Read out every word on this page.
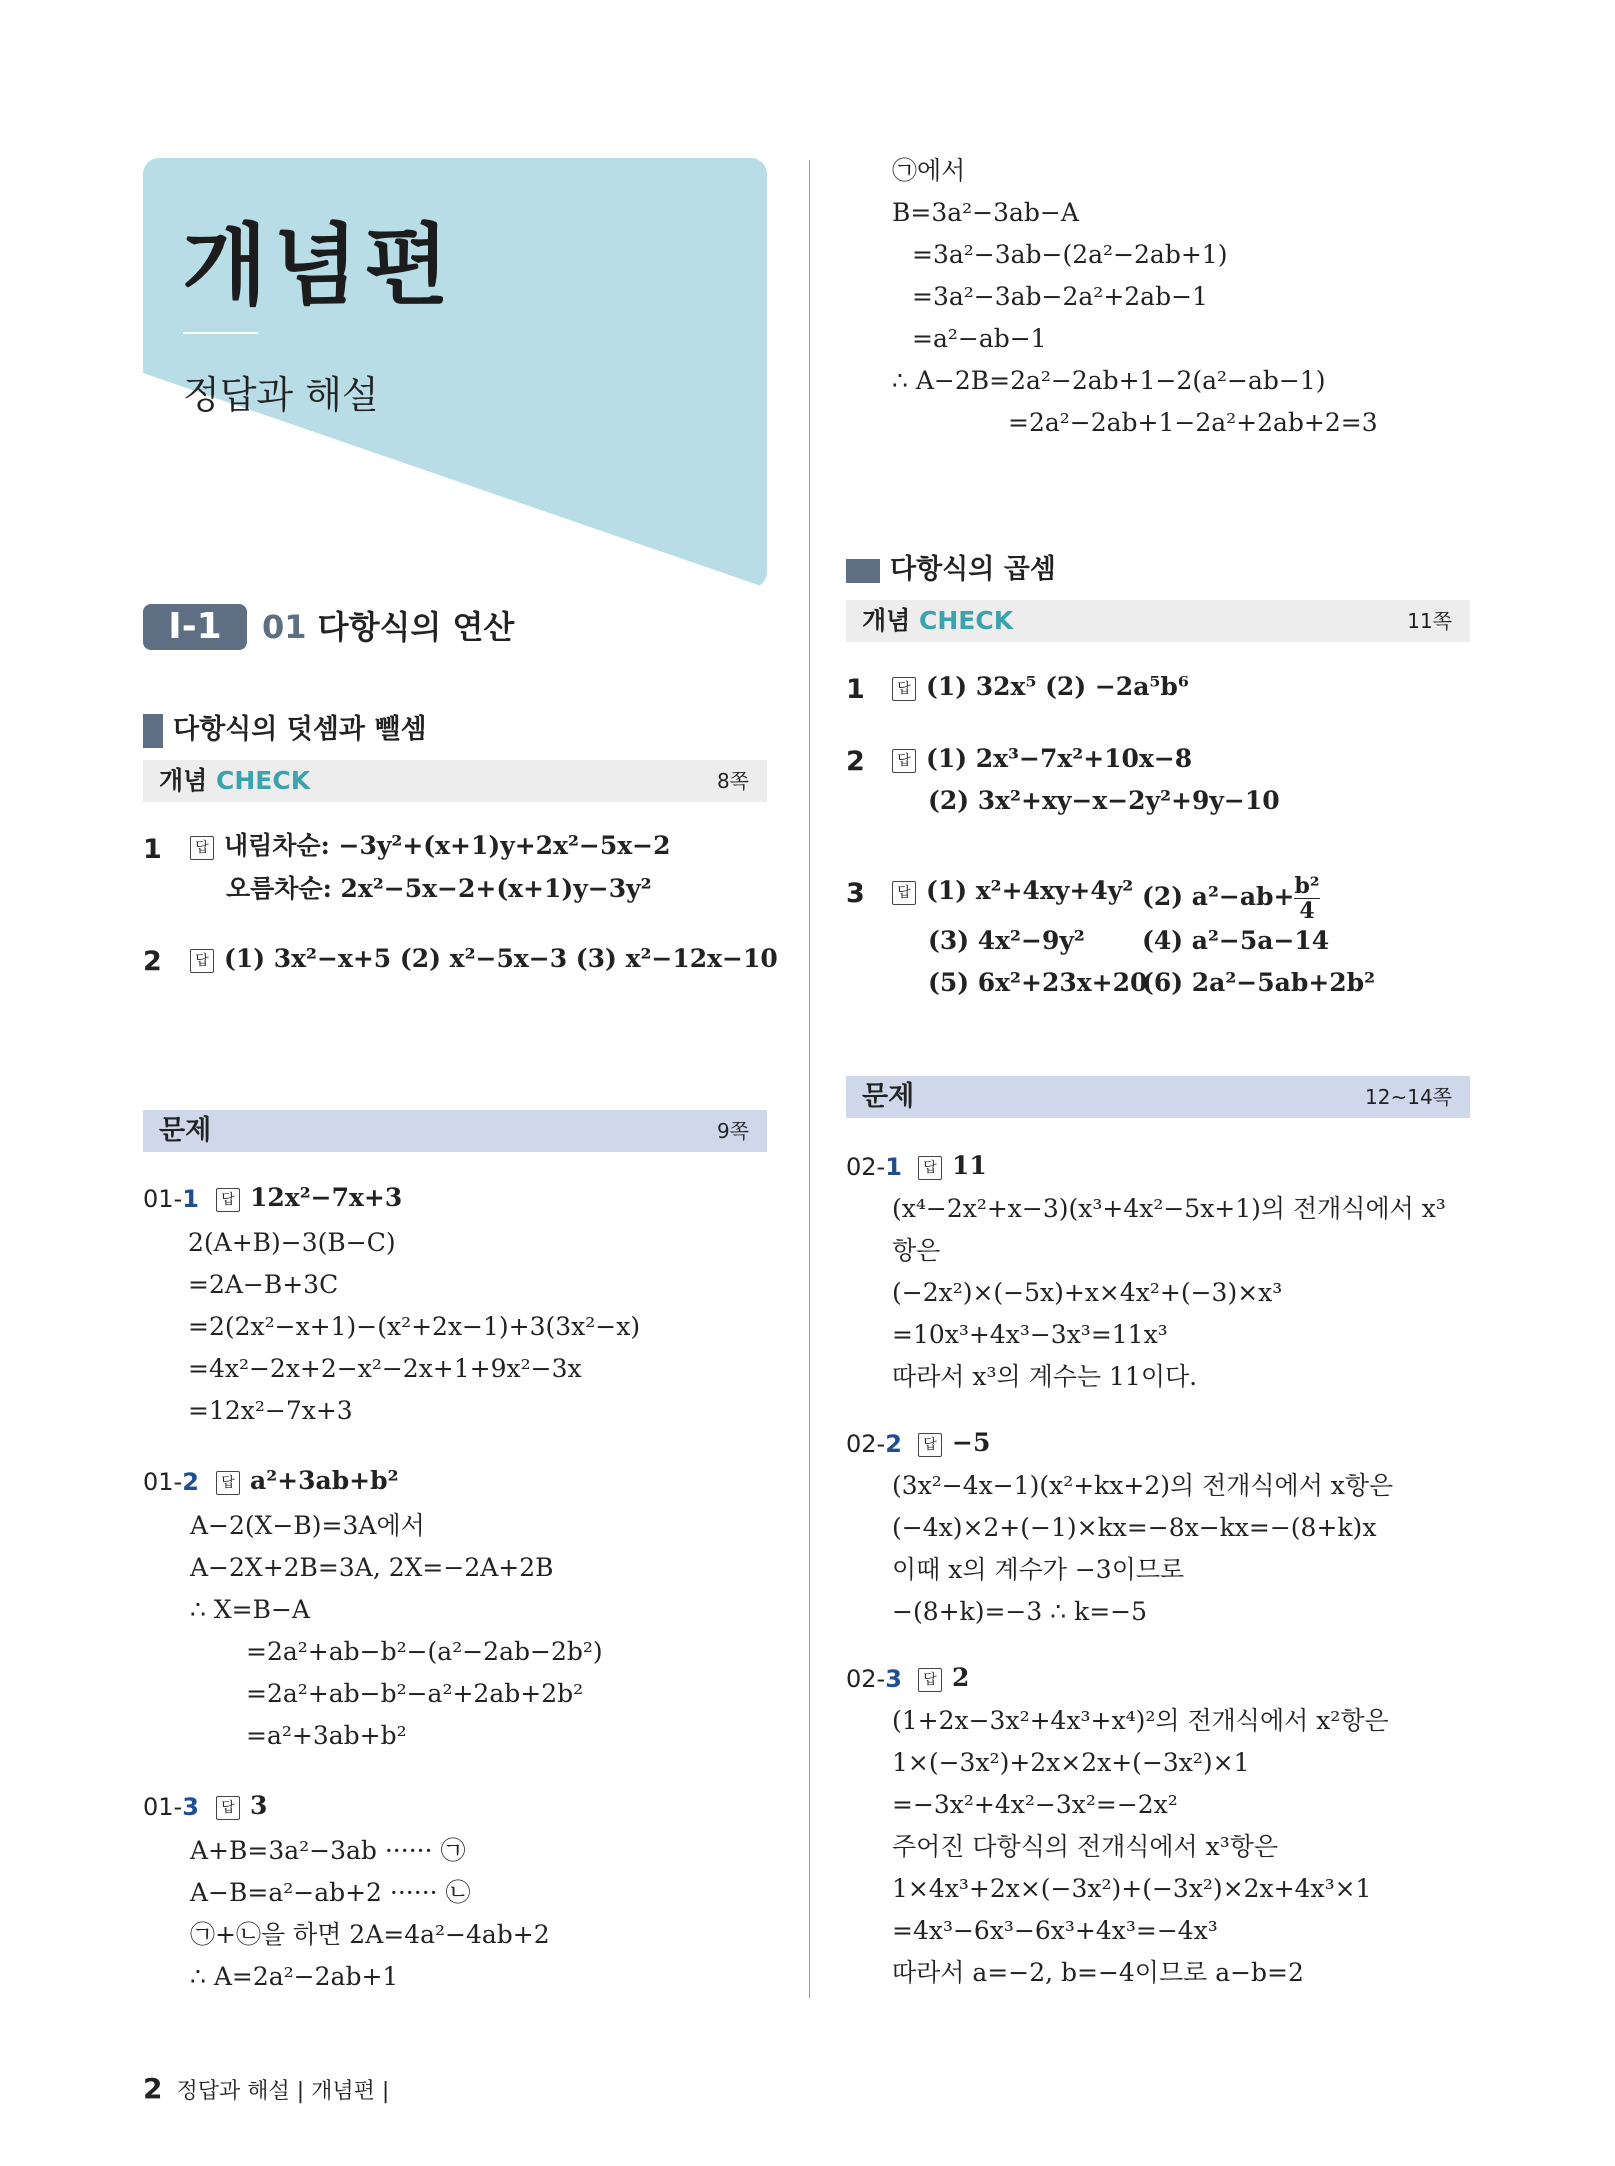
개념편
정답과 해설
I-1	01 다항식의 연산
다항식의 덧셈과 뺄셈
개념 CHECK	8쪽
1	답 내림차순: −3y²+(x+1)y+2x²−5x−2
오름차순: 2x²−5x−2+(x+1)y−3y²
2	답 (1) 3x²−x+5 (2) x²−5x−3 (3) x²−12x−10
문제	9쪽
01-1	답 12x²−7x+3
2(A+B)−3(B−C)
=2A−B+3C
=2(2x²−x+1)−(x²+2x−1)+3(3x²−x)
=4x²−2x+2−x²−2x+1+9x²−3x
=12x²−7x+3
01-2	답 a²+3ab+b²
A−2(X−B)=3A에서
A−2X+2B=3A, 2X=−2A+2B
∴ X=B−A
=2a²+ab−b²−(a²−2ab−2b²)
=2a²+ab−b²−a²+2ab+2b²
=a²+3ab+b²
01-3	답 3
A+B=3a²−3ab ······ ㉠
A−B=a²−ab+2 ······ ㉡
㉠+㉡을 하면 2A=4a²−4ab+2
∴ A=2a²−2ab+1
㉠에서
B=3a²−3ab−A
=3a²−3ab−(2a²−2ab+1)
=3a²−3ab−2a²+2ab−1
=a²−ab−1
∴ A−2B=2a²−2ab+1−2(a²−ab−1)
=2a²−2ab+1−2a²+2ab+2=3
다항식의 곱셈
개념 CHECK	11쪽
1	답 (1) 32x⁵ (2) −2a⁵b⁶
2	답 (1) 2x³−7x²+10x−8
(2) 3x²+xy−x−2y²+9y−10
3	답 (1) x²+4xy+4y² (2) $a^2-ab+ \frac{\text{b²}}{4}$
(3) 4x²−9y² (4) a²−5a−14
(5) 6x²+23x+20
(6) 2a²−5ab+2b²
문제	12~14쪽
02-1	답 11
(x⁴−2x²+x−3)(x³+4x²−5x+1)의 전개식에서 x³
항은
(−2x²)×(−5x)+x×4x²+(−3)×x³
=10x³+4x³−3x³=11x³
따라서 x³의 계수는 11이다.
02-2	답 −5
(3x²−4x−1)(x²+kx+2)의 전개식에서 x항은
(−4x)×2+(−1)×kx=−8x−kx=−(8+k)x
이때 x의 계수가 −3이므로
−(8+k)=−3 ∴ k=−5
02-3	답 2
(1+2x−3x²+4x³+x⁴)²의 전개식에서 x²항은
1×(−3x²)+2x×2x+(−3x²)×1
=−3x²+4x²−3x²=−2x²
주어진 다항식의 전개식에서 x³항은
1×4x³+2x×(−3x²)+(−3x²)×2x+4x³×1
=4x³−6x³−6x³+4x³=−4x³
따라서 a=−2, b=−4이므로 a−b=2
2 정답과 해설 | 개념편 |
